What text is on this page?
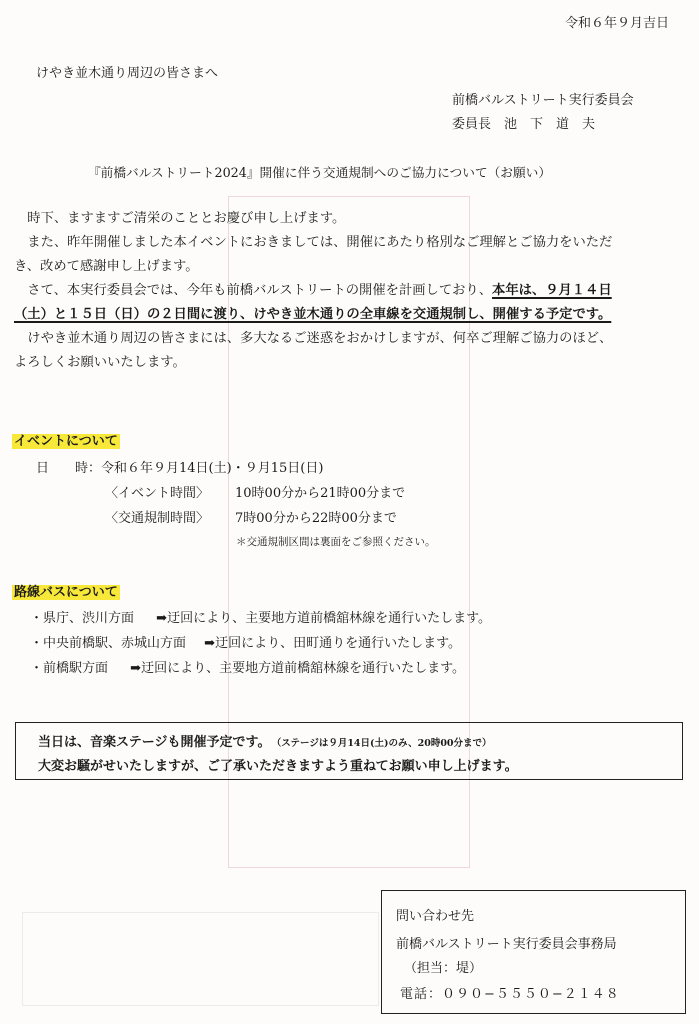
令和６年９月吉日
けやき並木通り周辺の皆さまへ
前橋バルストリート実行委員会
委員長　池　下　道　夫
『前橋バルストリート2024』開催に伴う交通規制へのご協力について（お願い）

　時下、ますますご清栄のこととお慶び申し上げます。

　また、昨年開催しました本イベントにおきましては、開催にあたり格別なご理解とご協力をいただ

き、改めて感謝申し上げます。

　さて、本実行委員会では、今年も前橋バルストリートの開催を計画しており、本年は、９月１４日

（土）と１５日（日）の２日間に渡り、けやき並木通りの全車線を交通規制し、開催する予定です。

　けやき並木通り周辺の皆さまには、多大なるご迷惑をおかけしますが、何卒ご理解ご協力のほど、

よろしくお願いいたします。

イベントについて
日　　時：令和６年９月14日(土)・９月15日(日)
〈イベント時間〉 10時00分から21時00分まで
〈交通規制時間〉 7時00分から22時00分まで
＊交通規制区間は裏面をご参照ください。
路線バスについて
・県庁、渋川方面 ➡迂回により、主要地方道前橋舘林線を通行いたします。
・中央前橋駅、赤城山方面 ➡迂回により、田町通りを通行いたします。
・前橋駅方面 ➡迂回により、主要地方道前橋舘林線を通行いたします。
当日は、音楽ステージも開催予定です。 （ステージは９月14日(土)のみ、20時00分まで）
大変お騒がせいたしますが、ご了承いただきますよう重ねてお願い申し上げます。
問い合わせ先
前橋バルストリート実行委員会事務局
（担当：堤）
電話：０９０−５５５０−２１４８
